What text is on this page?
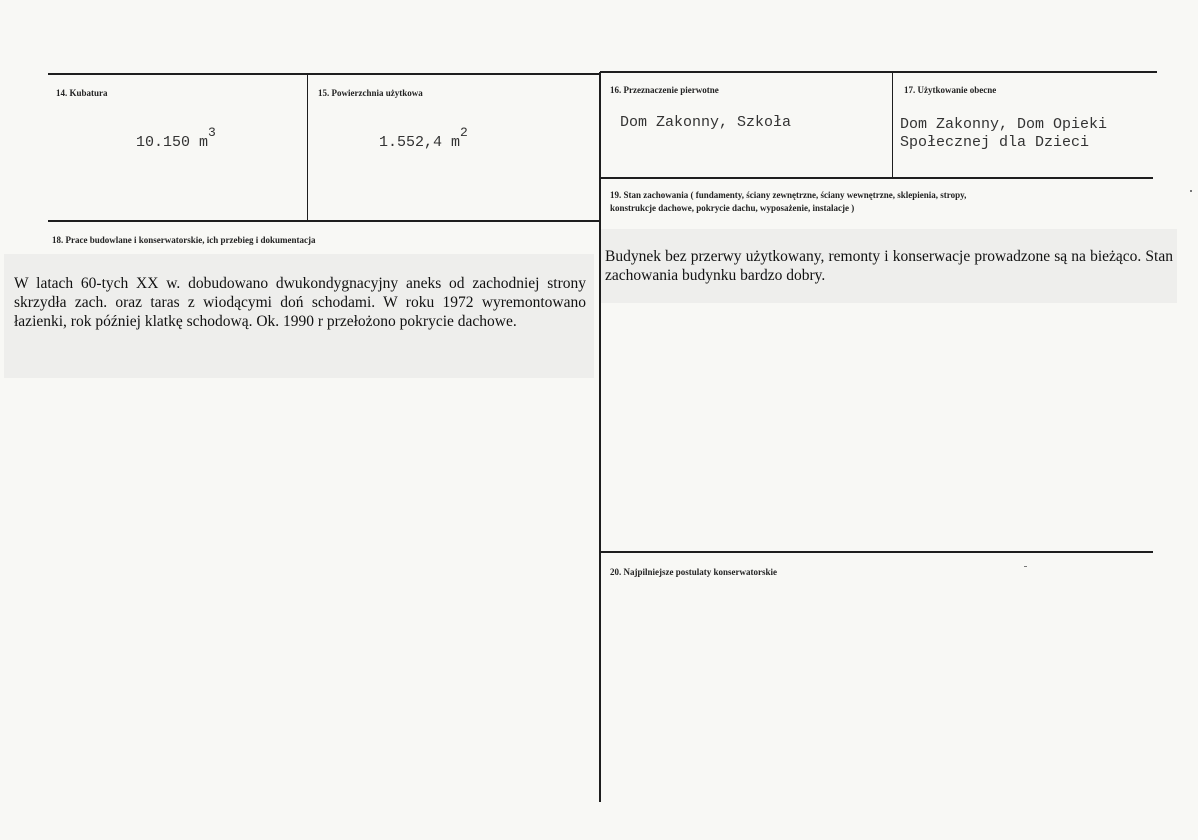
14. Kubatura
10.150 $m^3$
15. Powierzchnia użytkowa
1.552,4 $m^2$
16. Przeznaczenie pierwotne
Dom Zakonny, Szkoła
17. Użytkowanie obecne
Dom Zakonny, Dom Opieki
Społecznej dla Dzieci
19. Stan zachowania ( fundamenty, ściany zewnętrzne, ściany wewnętrzne, sklepienia, stropy,
konstrukcje dachowe, pokrycie dachu, wyposażenie, instalacje )
Budynek bez przerwy użytkowany, remonty i konserwacje prowadzone są na bieżąco. Stan zachowania budynku bardzo dobry.
18. Prace budowlane i konserwatorskie, ich przebieg i dokumentacja
W latach 60-tych XX w. dobudowano dwukondygnacyjny aneks od zachodniej strony skrzydła zach. oraz taras z wiodącymi doń schodami. W roku 1972 wyremontowano łazienki, rok później klatkę schodową. Ok. 1990 r przełożono pokrycie dachowe.
20. Najpilniejsze postulaty konserwatorskie
